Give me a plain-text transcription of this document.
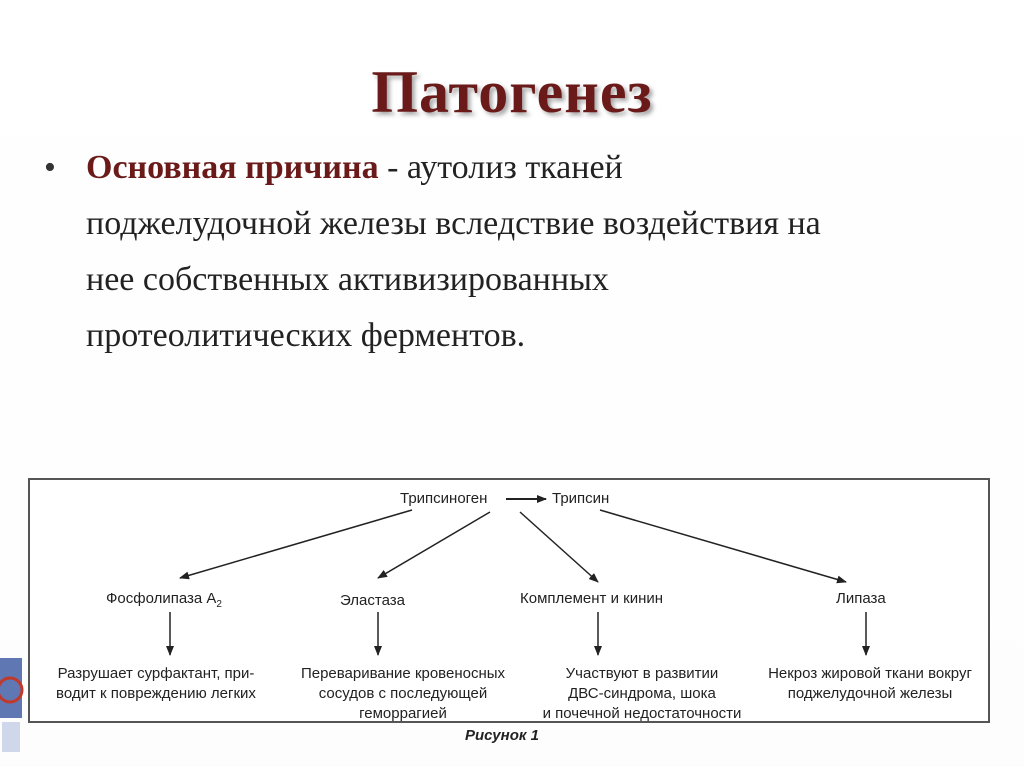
Патогенез
• Основная причина - аутолиз тканей поджелудочной железы вследствие воздействия на нее собственных активизированных протеолитических ферментов.
Трипсиноген	Трипсин
Фосфолипаза $A_2$	Эластаза	Комплемент и кинин	Липаза
Разрушает сурфактант, при-
водит к повреждению легких
Переваривание кровеносных
сосудов с последующей
геморрагией
Участвуют в развитии
ДВС-синдрома, шока
и почечной недостаточности
Некроз жировой ткани вокруг
поджелудочной железы
Рисунок 1
